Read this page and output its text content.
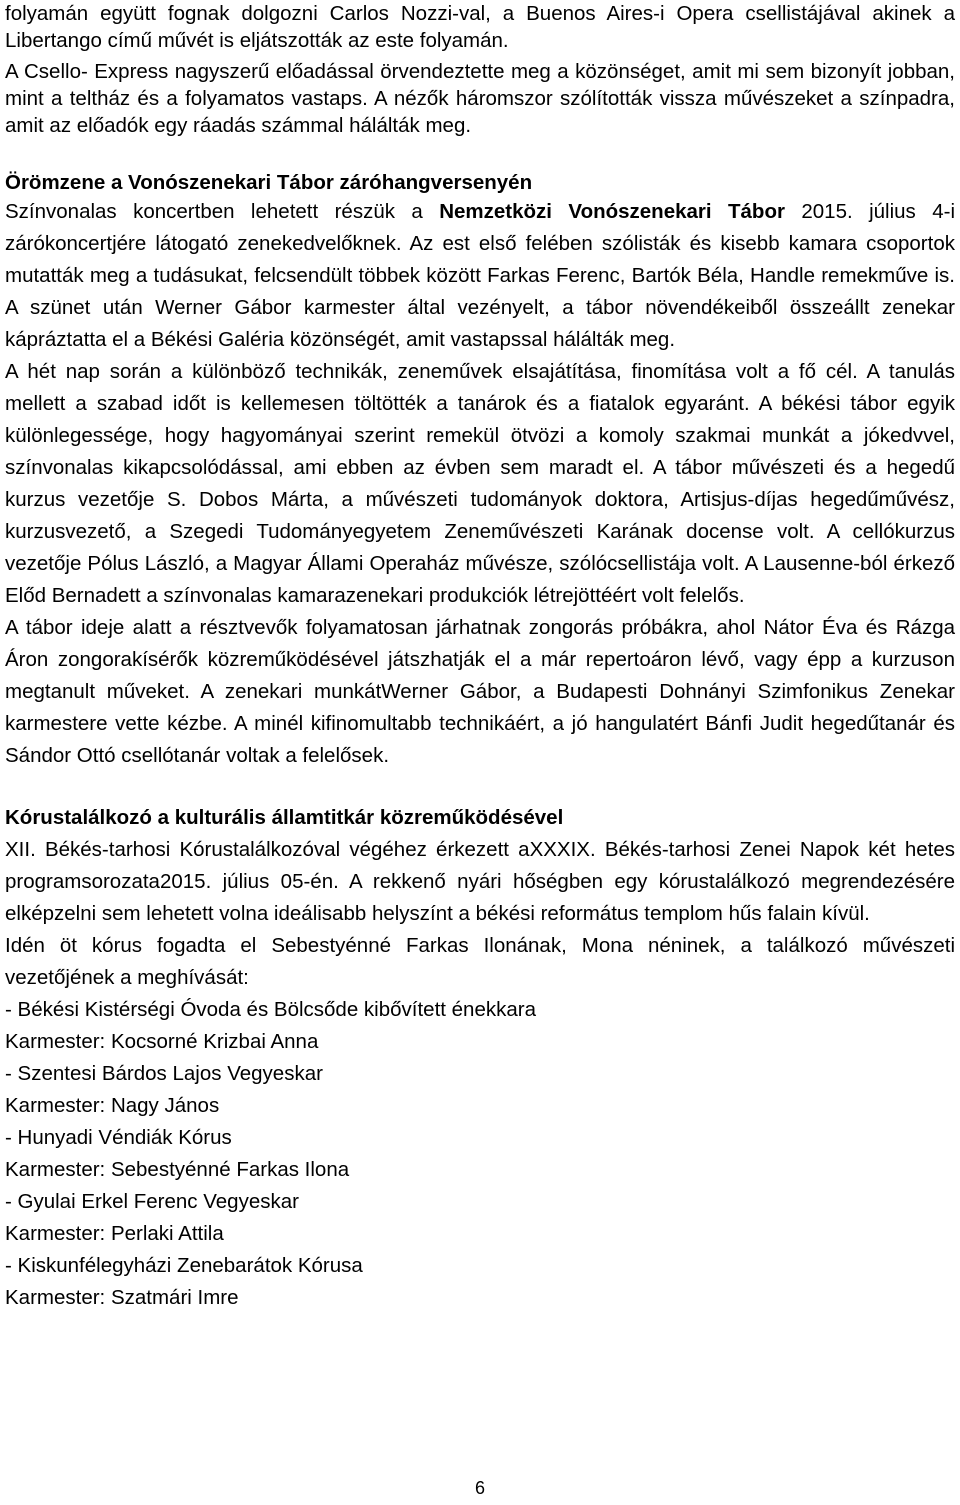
folyamán együtt fognak dolgozni Carlos Nozzi-val, a Buenos Aires-i Opera csellistájával akinek a Libertango című művét is eljátszották az este folyamán.

A Csello- Express nagyszerű előadással örvendeztette meg a közönséget, amit mi sem bizonyít jobban, mint a teltház és a folyamatos vastaps. A nézők háromszor szólították vissza művészeket a színpadra, amit az előadók egy ráadás számmal hálálták meg.

Örömzene a Vonószenekari Tábor záróhangversenyén

Színvonalas koncertben lehetett részük a Nemzetközi Vonószenekari Tábor 2015. július 4-i zárókoncertjére látogató zenekedvelőknek. Az est első felében szólisták és kisebb kamara csoportok mutatták meg a tudásukat, felcsendült többek között Farkas Ferenc, Bartók Béla, Handle remekműve is. A szünet után Werner Gábor karmester által vezényelt, a tábor növendékeiből összeállt zenekar kápráztatta el a Békési Galéria közönségét, amit vastapssal hálálták meg.

A hét nap során a különböző technikák, zeneművek elsajátítása, finomítása volt a fő cél. A tanulás mellett a szabad időt is kellemesen töltötték a tanárok és a fiatalok egyaránt. A békési tábor egyik különlegessége, hogy hagyományai szerint remekül ötvözi a komoly szakmai munkát a jókedvvel, színvonalas kikapcsolódással, ami ebben az évben sem maradt el. A tábor művészeti és a hegedű kurzus vezetője S. Dobos Márta, a művészeti tudományok doktora, Artisjus-díjas hegedűművész, kurzusvezető, a Szegedi Tudományegyetem Zeneművészeti Karának docense volt. A cellókurzus vezetője Pólus László, a Magyar Állami Operaház művésze, szólócsellistája volt. A Lausenne-ból érkező Előd Bernadett a színvonalas kamarazenekari produkciók létrejöttéért volt felelős.

A tábor ideje alatt a résztvevők folyamatosan járhatnak zongorás próbákra, ahol Nátor Éva és Rázga Áron zongorakísérők közreműködésével játszhatják el a már repertoáron lévő, vagy épp a kurzuson megtanult műveket. A zenekari munkátWerner Gábor, a Budapesti Dohnányi Szimfonikus Zenekar karmestere vette kézbe. A minél kifinomultabb technikáért, a jó hangulatért Bánfi Judit hegedűtanár és Sándor Ottó csellótanár voltak a felelősek.

Kórustalálkozó a kulturális államtitkár közreműködésével

XII. Békés-tarhosi Kórustalálkozóval végéhez érkezett aXXXIX. Békés-tarhosi Zenei Napok két hetes programsorozata2015. július 05-én. A rekkenő nyári hőségben egy kórustalálkozó megrendezésére elképzelni sem lehetett volna ideálisabb helyszínt a békési református templom hűs falain kívül.

Idén öt kórus fogadta el Sebestyénné Farkas Ilonának, Mona néninek, a találkozó művészeti vezetőjének a meghívását:

- Békési Kistérségi Óvoda és Bölcsőde kibővített énekkara

Karmester: Kocsorné Krizbai Anna

- Szentesi Bárdos Lajos Vegyeskar

Karmester: Nagy János

- Hunyadi Véndiák Kórus

Karmester: Sebestyénné Farkas Ilona

- Gyulai Erkel Ferenc Vegyeskar

Karmester: Perlaki Attila

- Kiskunfélegyházi Zenebarátok Kórusa

Karmester: Szatmári Imre

6
